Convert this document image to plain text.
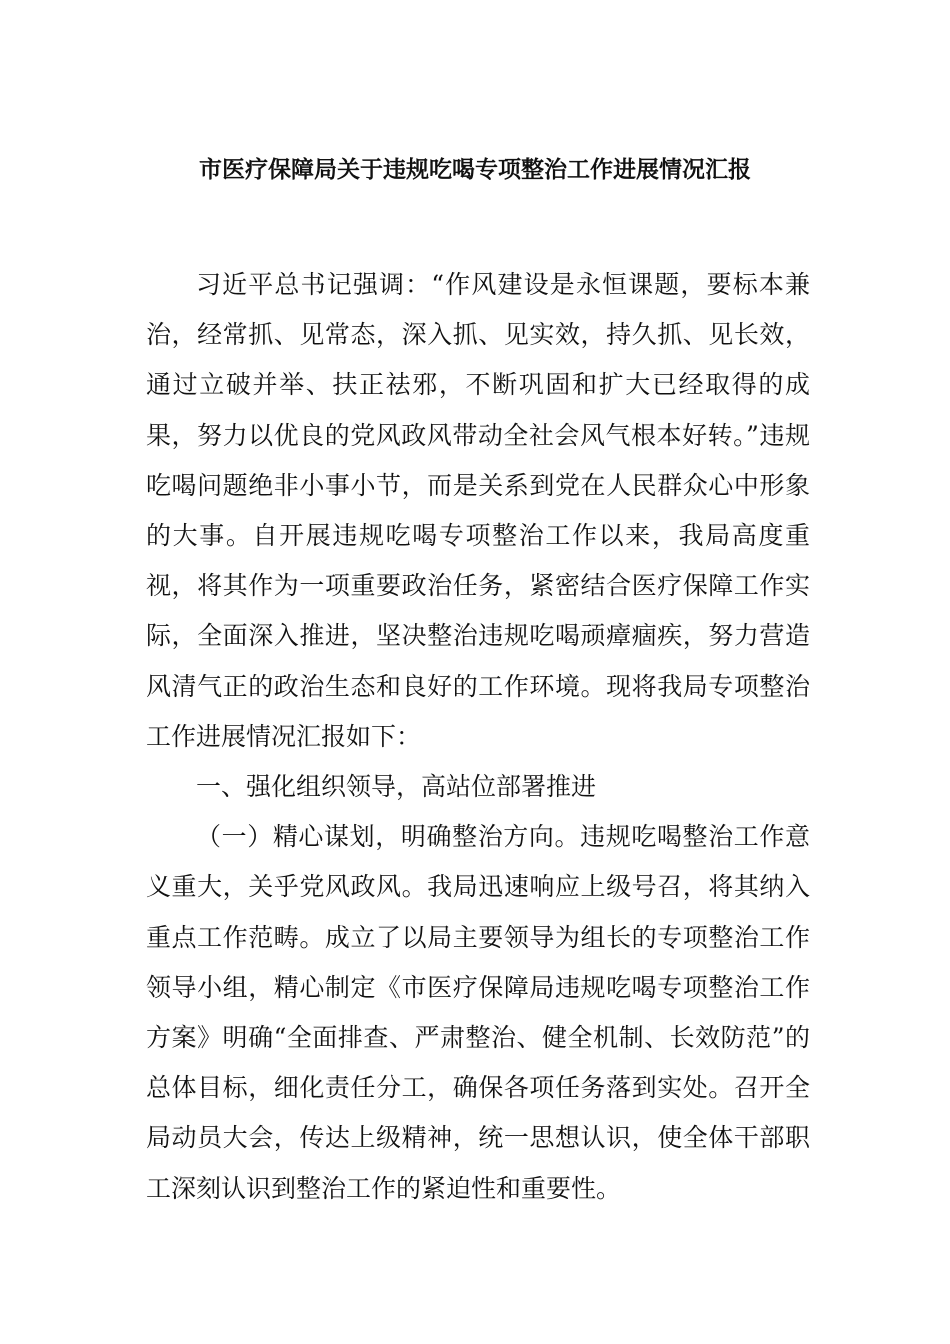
市医疗保障局关于违规吃喝专项整治工作进展情况汇报

习近平总书记强调：“作风建设是永恒课题，要标本兼治，经常抓、见常态，深入抓、见实效，持久抓、见长效，通过立破并举、扶正祛邪，不断巩固和扩大已经取得的成果，努力以优良的党风政风带动全社会风气根本好转。”违规吃喝问题绝非小事小节，而是关系到党在人民群众心中形象的大事。自开展违规吃喝专项整治工作以来，我局高度重视，将其作为一项重要政治任务，紧密结合医疗保障工作实际，全面深入推进，坚决整治违规吃喝顽瘴痼疾，努力营造风清气正的政治生态和良好的工作环境。现将我局专项整治工作进展情况汇报如下：

一、强化组织领导，高站位部署推进

（一）精心谋划，明确整治方向。违规吃喝整治工作意义重大，关乎党风政风。我局迅速响应上级号召，将其纳入重点工作范畴。成立了以局主要领导为组长的专项整治工作领导小组，精心制定《市医疗保障局违规吃喝专项整治工作方案》明确“全面排查、严肃整治、健全机制、长效防范”的总体目标，细化责任分工，确保各项任务落到实处。召开全局动员大会，传达上级精神，统一思想认识，使全体干部职工深刻认识到整治工作的紧迫性和重要性。
